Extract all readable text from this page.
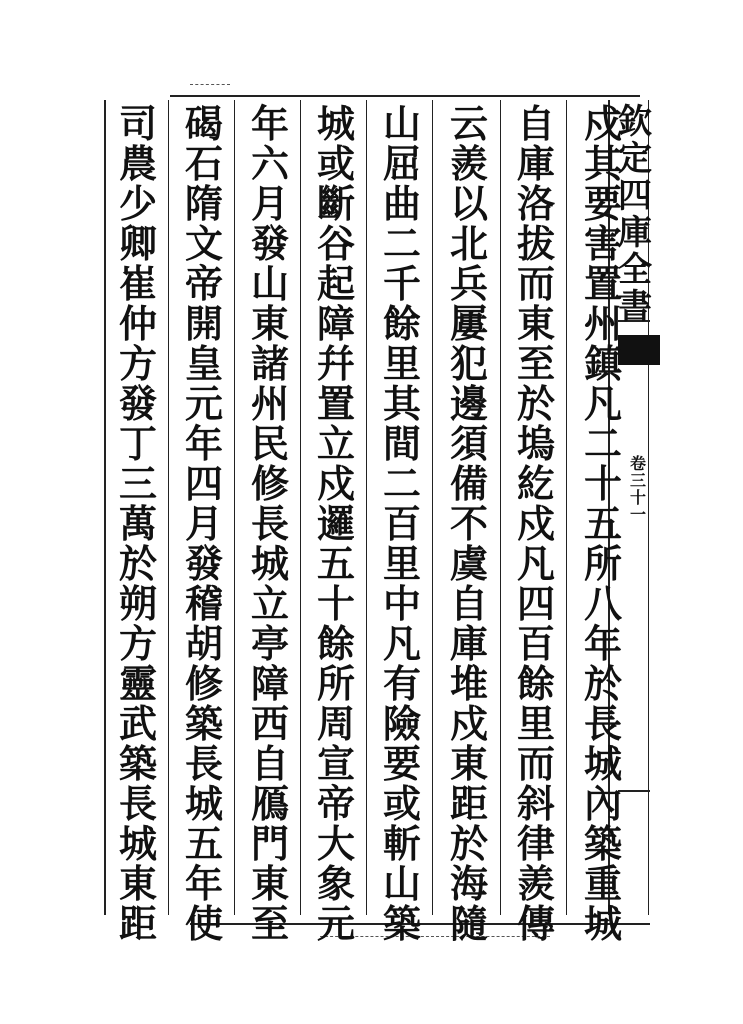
欽
定
四
庫
全
書
卷
三
十
一
戍
其
要
害
置
州
鎮
凡
二
十
五
所
八
年
於
長
城
內
築
重
城
自
庫
洛
拔
而
東
至
於
塢
紇
戍
凡
四
百
餘
里
而
斜
律
羨
傳
云
羨
以
北
兵
屢
犯
邊
須
備
不
虞
自
庫
堆
戍
東
距
於
海
隨
山
屈
曲
二
千
餘
里
其
間
二
百
里
中
凡
有
險
要
或
斬
山
築
城
或
斷
谷
起
障
幷
置
立
戍
邏
五
十
餘
所
周
宣
帝
大
象
元
年
六
月
發
山
東
諸
州
民
修
長
城
立
亭
障
西
自
鴈
門
東
至
碣
石
隋
文
帝
開
皇
元
年
四
月
發
稽
胡
修
築
長
城
五
年
使
司
農
少
卿
崔
仲
方
發
丁
三
萬
於
朔
方
靈
武
築
長
城
東
距
